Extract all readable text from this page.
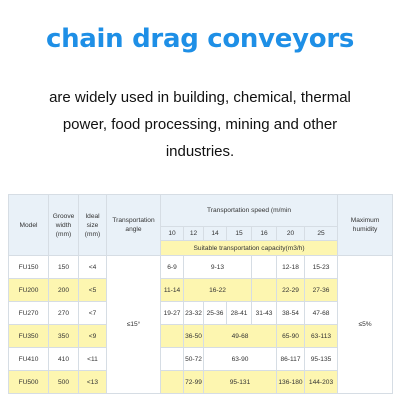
chain drag conveyors
are widely used in building, chemical, thermal
power, food processing, mining and other
industries.
Model	Groove width (mm)	Ideal size (mm)	Transportation angle	Transportation speed (m/min							Maximum humidity
				10	12	14	15	16	20	25	
				Suitable transportation capacity(m3/h)							
FU150	150	<4	≤15°	6-9	9-13				12-18	15-23	≤5%
FU200	200	<5		11-14	16-22				22-29	27-36	
FU270	270	<7		19-27	23-32	25-36	28-41	31-43	38-54	47-68	
FU350	350	<9			36-50	49-68			65-90	63-113	
FU410	410	<11			50-72	63-90			86-117	95-135	
FU500	500	<13			72-99	95-131			136-180	144-203	
